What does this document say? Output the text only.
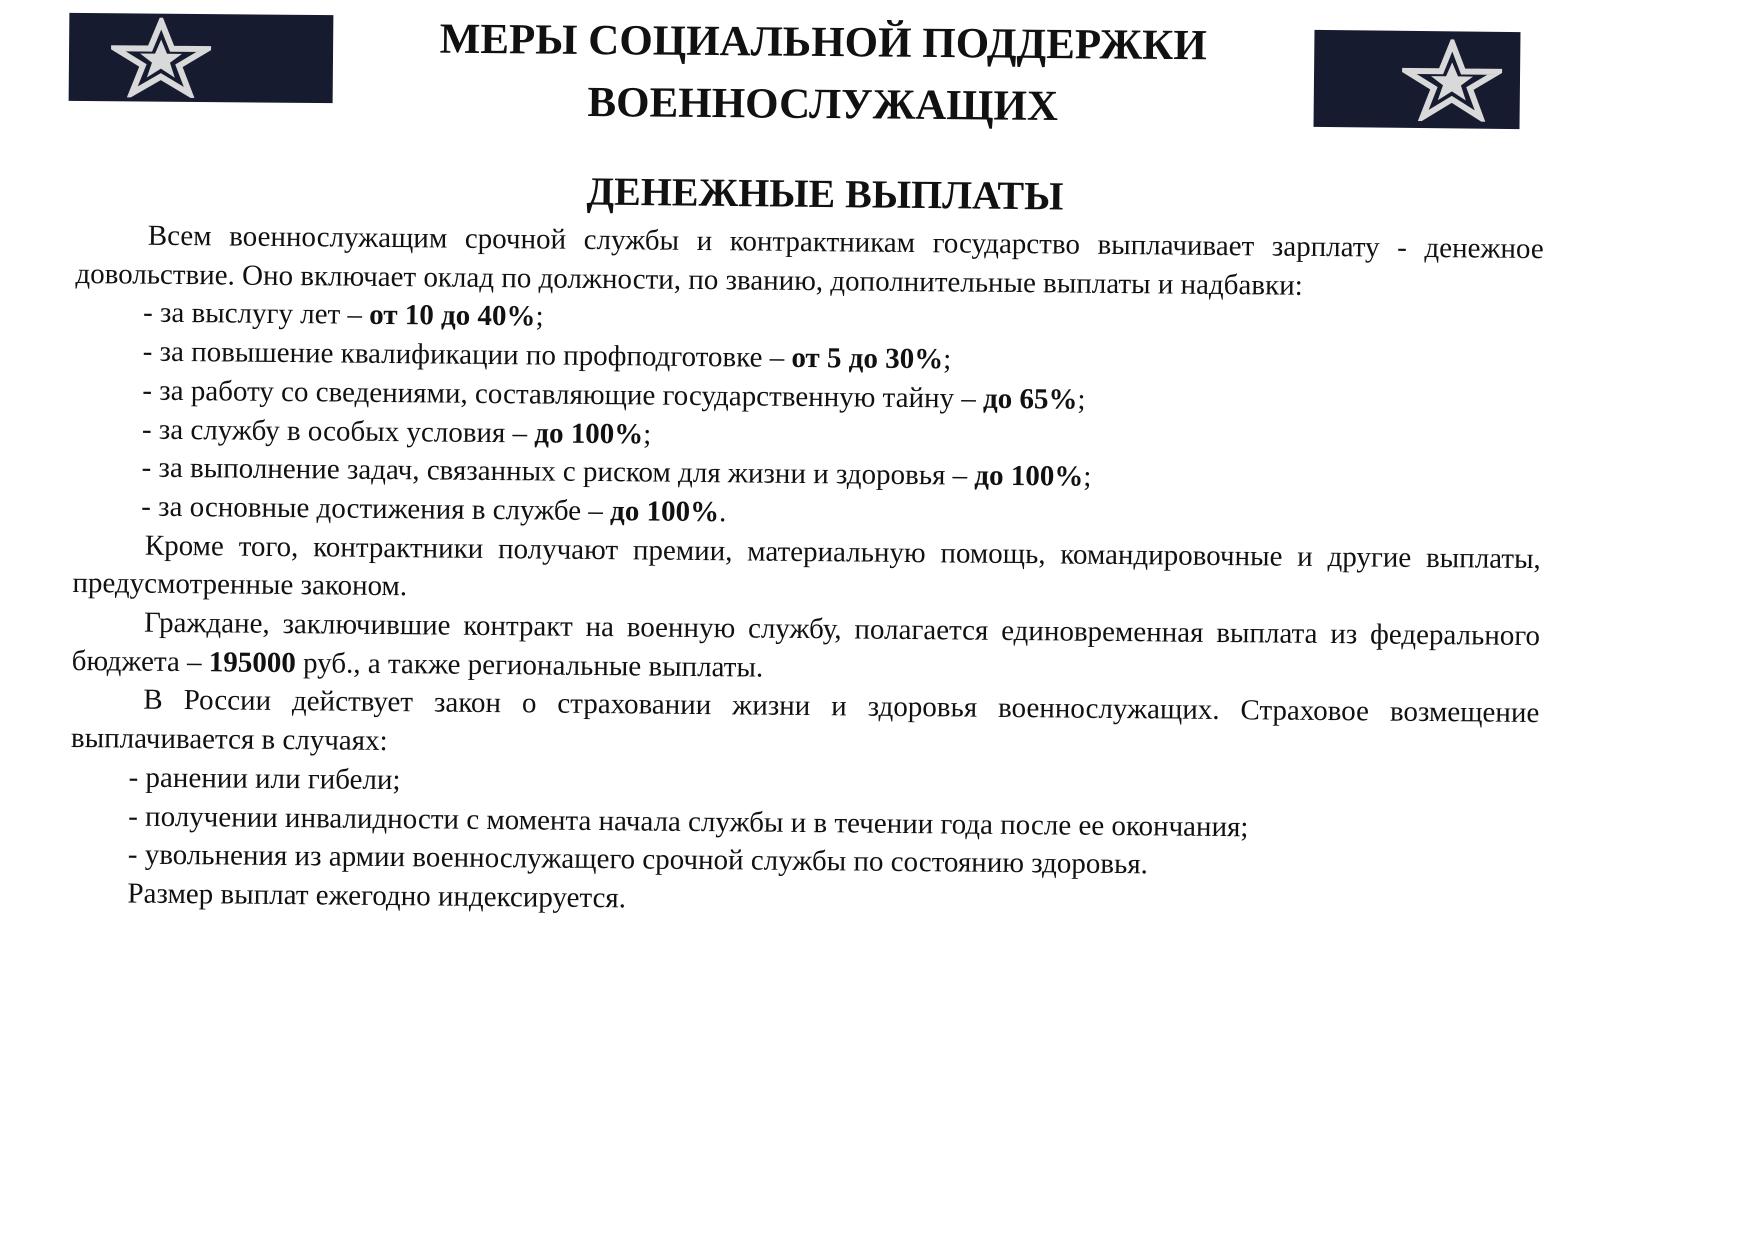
МЕРЫ СОЦИАЛЬНОЙ ПОДДЕРЖКИ
ВОЕННОСЛУЖАЩИХ
ДЕНЕЖНЫЕ ВЫПЛАТЫ

Всем военнослужащим срочной службы и контрактникам государство выплачивает зарплату - денежное довольствие. Оно включает оклад по должности, по званию, дополнительные выплаты и надбавки:

- за выслугу лет – от 10 до 40%;
- за повышение квалификации по профподготовке – от 5 до 30%;
- за работу со сведениями, составляющие государственную тайну – до 65%;
- за службу в особых условия – до 100%;
- за выполнение задач, связанных с риском для жизни и здоровья – до 100%;
- за основные достижения в службе – до 100%.

Кроме того, контрактники получают премии, материальную помощь, командировочные и другие выплаты, предусмотренные законом.

Граждане, заключившие контракт на военную службу, полагается единовременная выплата из федерального бюджета – 195000 руб., а также региональные выплаты.

В России действует закон о страховании жизни и здоровья военнослужащих. Страховое возмещение выплачивается в случаях:

- ранении или гибели;
- получении инвалидности с момента начала службы и в течении года после ее окончания;
- увольнения из армии военнослужащего срочной службы по состоянию здоровья.

Размер выплат ежегодно индексируется.
